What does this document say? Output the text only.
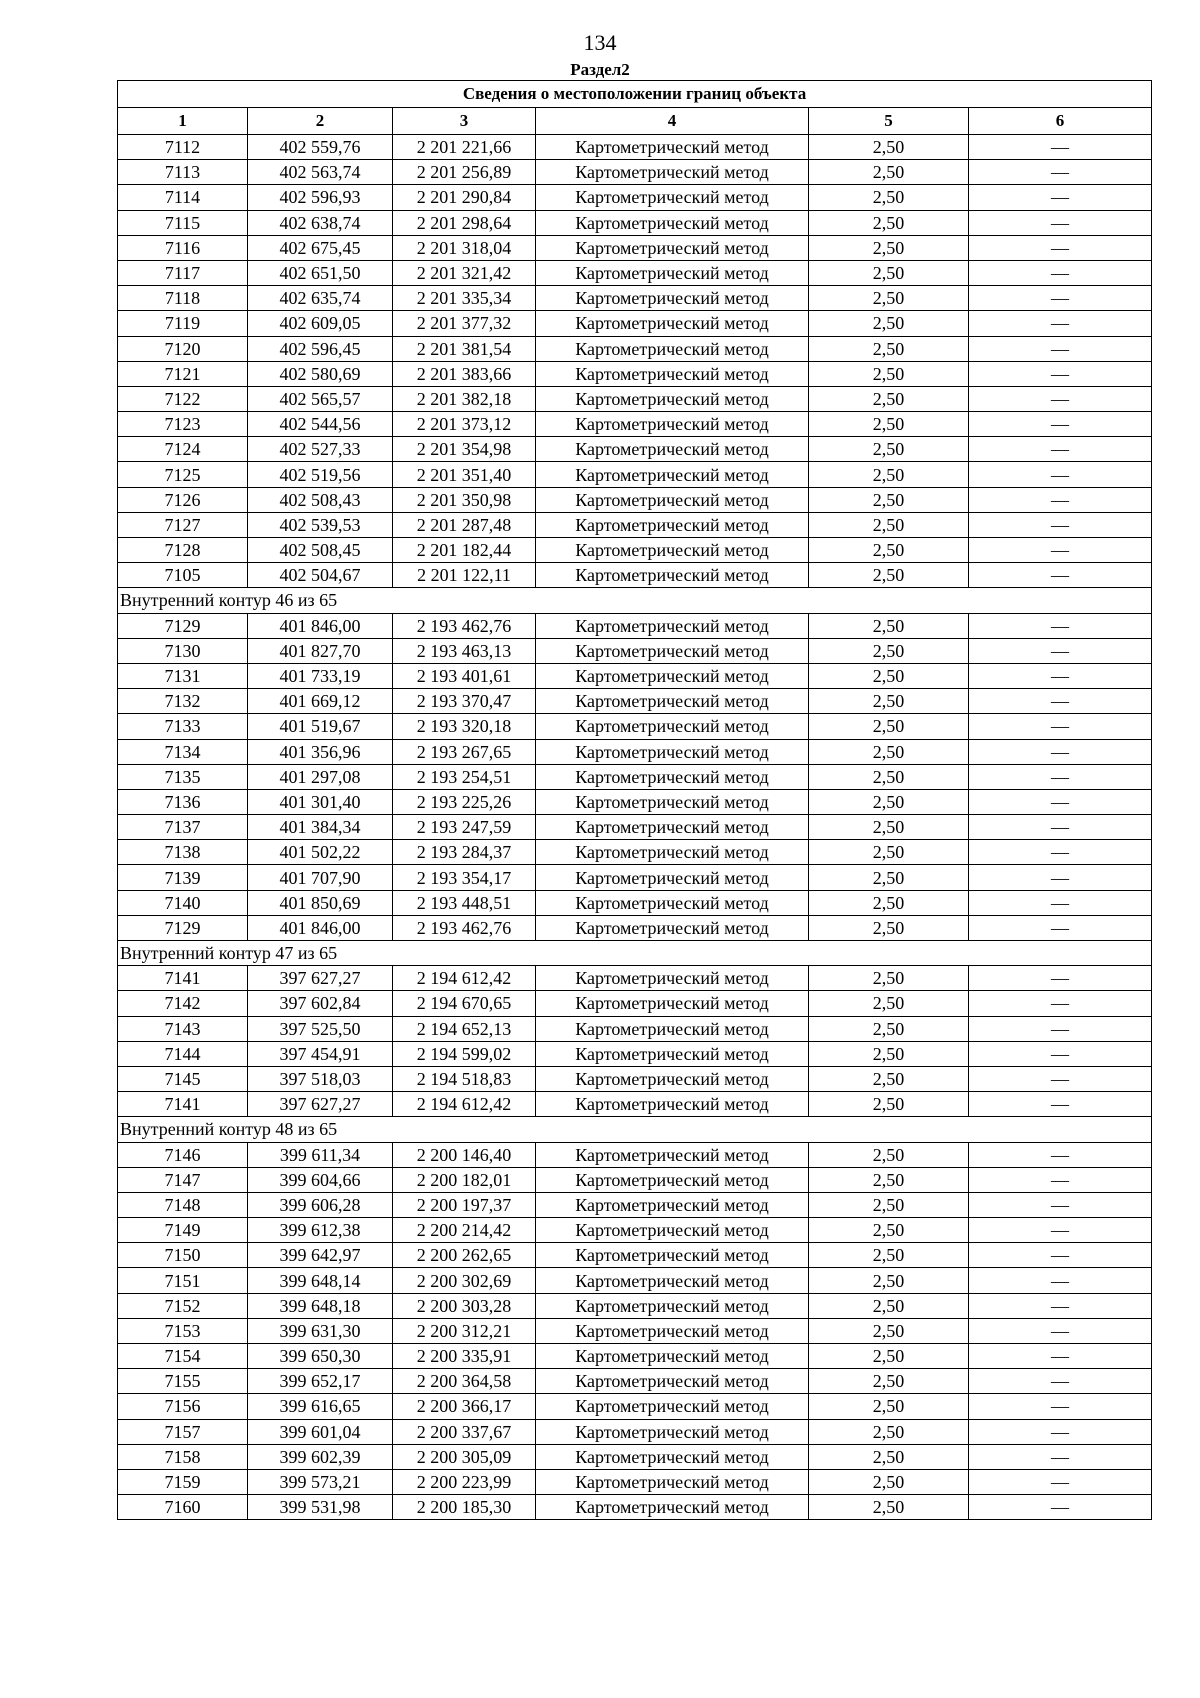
134
Раздел2
Сведения о местоположении границ объекта					
1	2	3	4	5	6
7112	402 559,76	2 201 221,66	Картометрический метод	2,50	—
7113	402 563,74	2 201 256,89	Картометрический метод	2,50	—
7114	402 596,93	2 201 290,84	Картометрический метод	2,50	—
7115	402 638,74	2 201 298,64	Картометрический метод	2,50	—
7116	402 675,45	2 201 318,04	Картометрический метод	2,50	—
7117	402 651,50	2 201 321,42	Картометрический метод	2,50	—
7118	402 635,74	2 201 335,34	Картометрический метод	2,50	—
7119	402 609,05	2 201 377,32	Картометрический метод	2,50	—
7120	402 596,45	2 201 381,54	Картометрический метод	2,50	—
7121	402 580,69	2 201 383,66	Картометрический метод	2,50	—
7122	402 565,57	2 201 382,18	Картометрический метод	2,50	—
7123	402 544,56	2 201 373,12	Картометрический метод	2,50	—
7124	402 527,33	2 201 354,98	Картометрический метод	2,50	—
7125	402 519,56	2 201 351,40	Картометрический метод	2,50	—
7126	402 508,43	2 201 350,98	Картометрический метод	2,50	—
7127	402 539,53	2 201 287,48	Картометрический метод	2,50	—
7128	402 508,45	2 201 182,44	Картометрический метод	2,50	—
7105	402 504,67	2 201 122,11	Картометрический метод	2,50	—
Внутренний контур 46 из 65					
7129	401 846,00	2 193 462,76	Картометрический метод	2,50	—
7130	401 827,70	2 193 463,13	Картометрический метод	2,50	—
7131	401 733,19	2 193 401,61	Картометрический метод	2,50	—
7132	401 669,12	2 193 370,47	Картометрический метод	2,50	—
7133	401 519,67	2 193 320,18	Картометрический метод	2,50	—
7134	401 356,96	2 193 267,65	Картометрический метод	2,50	—
7135	401 297,08	2 193 254,51	Картометрический метод	2,50	—
7136	401 301,40	2 193 225,26	Картометрический метод	2,50	—
7137	401 384,34	2 193 247,59	Картометрический метод	2,50	—
7138	401 502,22	2 193 284,37	Картометрический метод	2,50	—
7139	401 707,90	2 193 354,17	Картометрический метод	2,50	—
7140	401 850,69	2 193 448,51	Картометрический метод	2,50	—
7129	401 846,00	2 193 462,76	Картометрический метод	2,50	—
Внутренний контур 47 из 65					
7141	397 627,27	2 194 612,42	Картометрический метод	2,50	—
7142	397 602,84	2 194 670,65	Картометрический метод	2,50	—
7143	397 525,50	2 194 652,13	Картометрический метод	2,50	—
7144	397 454,91	2 194 599,02	Картометрический метод	2,50	—
7145	397 518,03	2 194 518,83	Картометрический метод	2,50	—
7141	397 627,27	2 194 612,42	Картометрический метод	2,50	—
Внутренний контур 48 из 65					
7146	399 611,34	2 200 146,40	Картометрический метод	2,50	—
7147	399 604,66	2 200 182,01	Картометрический метод	2,50	—
7148	399 606,28	2 200 197,37	Картометрический метод	2,50	—
7149	399 612,38	2 200 214,42	Картометрический метод	2,50	—
7150	399 642,97	2 200 262,65	Картометрический метод	2,50	—
7151	399 648,14	2 200 302,69	Картометрический метод	2,50	—
7152	399 648,18	2 200 303,28	Картометрический метод	2,50	—
7153	399 631,30	2 200 312,21	Картометрический метод	2,50	—
7154	399 650,30	2 200 335,91	Картометрический метод	2,50	—
7155	399 652,17	2 200 364,58	Картометрический метод	2,50	—
7156	399 616,65	2 200 366,17	Картометрический метод	2,50	—
7157	399 601,04	2 200 337,67	Картометрический метод	2,50	—
7158	399 602,39	2 200 305,09	Картометрический метод	2,50	—
7159	399 573,21	2 200 223,99	Картометрический метод	2,50	—
7160	399 531,98	2 200 185,30	Картометрический метод	2,50	—
